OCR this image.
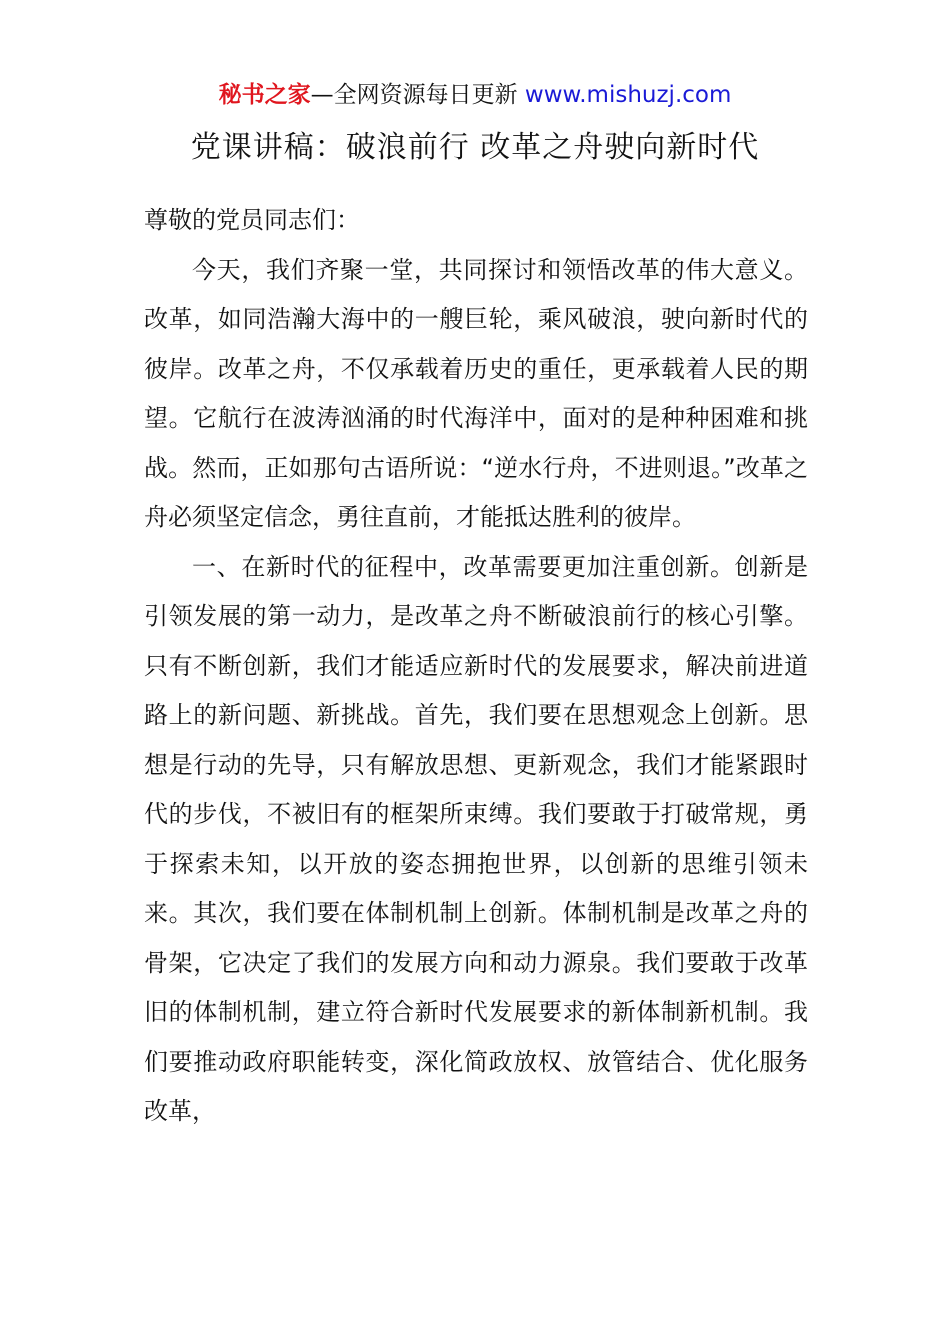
秘书之家—全网资源每日更新 www.mishuzj.com
党课讲稿：破浪前行 改革之舟驶向新时代

尊敬的党员同志们：

今天，我们齐聚一堂，共同探讨和领悟改革的伟大意义。改革，如同浩瀚大海中的一艘巨轮，乘风破浪，驶向新时代的彼岸。改革之舟，不仅承载着历史的重任，更承载着人民的期望。它航行在波涛汹涌的时代海洋中，面对的是种种困难和挑战。然而，正如那句古语所说：“逆水行舟，不进则退。”改革之舟必须坚定信念，勇往直前，才能抵达胜利的彼岸。

一、在新时代的征程中，改革需要更加注重创新。创新是引领发展的第一动力，是改革之舟不断破浪前行的核心引擎。只有不断创新，我们才能适应新时代的发展要求，解决前进道路上的新问题、新挑战。首先，我们要在思想观念上创新。思想是行动的先导，只有解放思想、更新观念，我们才能紧跟时代的步伐，不被旧有的框架所束缚。我们要敢于打破常规，勇于探索未知，以开放的姿态拥抱世界，以创新的思维引领未来。其次，我们要在体制机制上创新。体制机制是改革之舟的骨架，它决定了我们的发展方向和动力源泉。我们要敢于改革旧的体制机制，建立符合新时代发展要求的新体制新机制。我们要推动政府职能转变，深化简政放权、放管结合、优化服务改革，
